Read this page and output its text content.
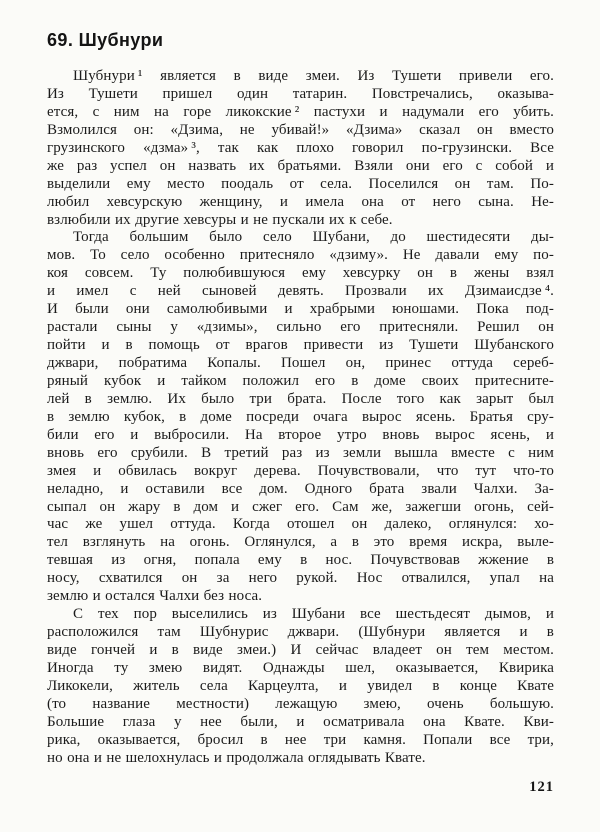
69. Шубнури
Шубнури ¹ является в виде змеи. Из Тушети привели его.
Из Тушети пришел один татарин. Повстречались, оказыва-
ется, с ним на горе ликокские ² пастухи и надумали его убить.
Взмолился он: «Дзима, не убивай!» «Дзима» сказал он вместо
грузинского «дзма» ³, так как плохо говорил по-грузински. Все
же раз успел он назвать их братьями. Взяли они его с собой и
выделили ему место поодаль от села. Поселился он там. По-
любил хевсурскую женщину, и имела она от него сына. Не-
взлюбили их другие хевсуры и не пускали их к себе.
Тогда большим было село Шубани, до шестидесяти ды-
мов. То село особенно притесняло «дзиму». Не давали ему по-
коя совсем. Ту полюбившуюся ему хевсурку он в жены взял
и имел с ней сыновей девять. Прозвали их Дзимаисдзе ⁴.
И были они самолюбивыми и храбрыми юношами. Пока под-
растали сыны у «дзимы», сильно его притесняли. Решил он
пойти и в помощь от врагов привести из Тушети Шубанского
джвари, побратима Копалы. Пошел он, принес оттуда сереб-
ряный кубок и тайком положил его в доме своих притесните-
лей в землю. Их было три брата. После того как зарыт был
в землю кубок, в доме посреди очага вырос ясень. Братья сру-
били его и выбросили. На второе утро вновь вырос ясень, и
вновь его срубили. В третий раз из земли вышла вместе с ним
змея и обвилась вокруг дерева. Почувствовали, что тут что-то
неладно, и оставили все дом. Одного брата звали Чалхи. За-
сыпал он жару в дом и сжег его. Сам же, зажегши огонь, сей-
час же ушел оттуда. Когда отошел он далеко, оглянулся: хо-
тел взглянуть на огонь. Оглянулся, а в это время искра, выле-
тевшая из огня, попала ему в нос. Почувствовав жжение в
носу, схватился он за него рукой. Нос отвалился, упал на
землю и остался Чалхи без носа.
С тех пор выселились из Шубани все шестьдесят дымов, и
расположился там Шубнурис джвари. (Шубнури является и в
виде гончей и в виде змеи.) И сейчас владеет он тем местом.
Иногда ту змею видят. Однажды шел, оказывается, Квирика
Ликокели, житель села Карцеулта, и увидел в конце Квате
(то название местности) лежащую змею, очень большую.
Большие глаза у нее были, и осматривала она Квате. Кви-
рика, оказывается, бросил в нее три камня. Попали все три,
но она и не шелохнулась и продолжала оглядывать Квате.
121
